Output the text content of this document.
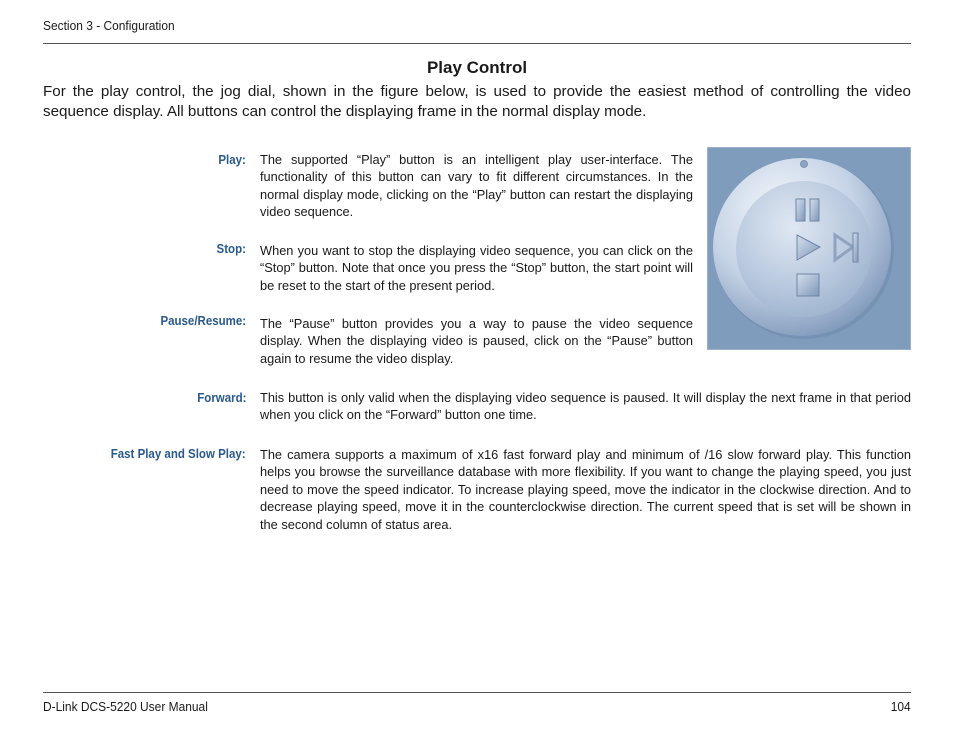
Section 3 - Configuration
Play Control
For the play control, the jog dial, shown in the figure below, is used to provide the easiest method of controlling the video sequence display. All buttons can control the displaying frame in the normal display mode.
Play: The supported “Play” button is an intelligent play user-interface. The functionality of this button can vary to fit different circumstances. In the normal display mode, clicking on the “Play” button can restart the displaying video sequence.
Stop: When you want to stop the displaying video sequence, you can click on the “Stop” button. Note that once you press the “Stop” button, the start point will be reset to the start of the present period.
Pause/Resume: The “Pause” button provides you a way to pause the video sequence display. When the displaying video is paused, click on the “Pause” button again to resume the video display.
Forward: This button is only valid when the displaying video sequence is paused. It will display the next frame in that period when you click on the “Forward” button one time.
Fast Play and Slow Play: The camera supports a maximum of x16 fast forward play and minimum of /16 slow forward play. This function helps you browse the surveillance database with more flexibility. If you want to change the playing speed, you just need to move the speed indicator. To increase playing speed, move the indicator in the clockwise direction. And to decrease playing speed, move it in the counterclockwise direction. The current speed that is set will be shown in the second column of status area.
D-Link DCS-5220 User Manual	104
